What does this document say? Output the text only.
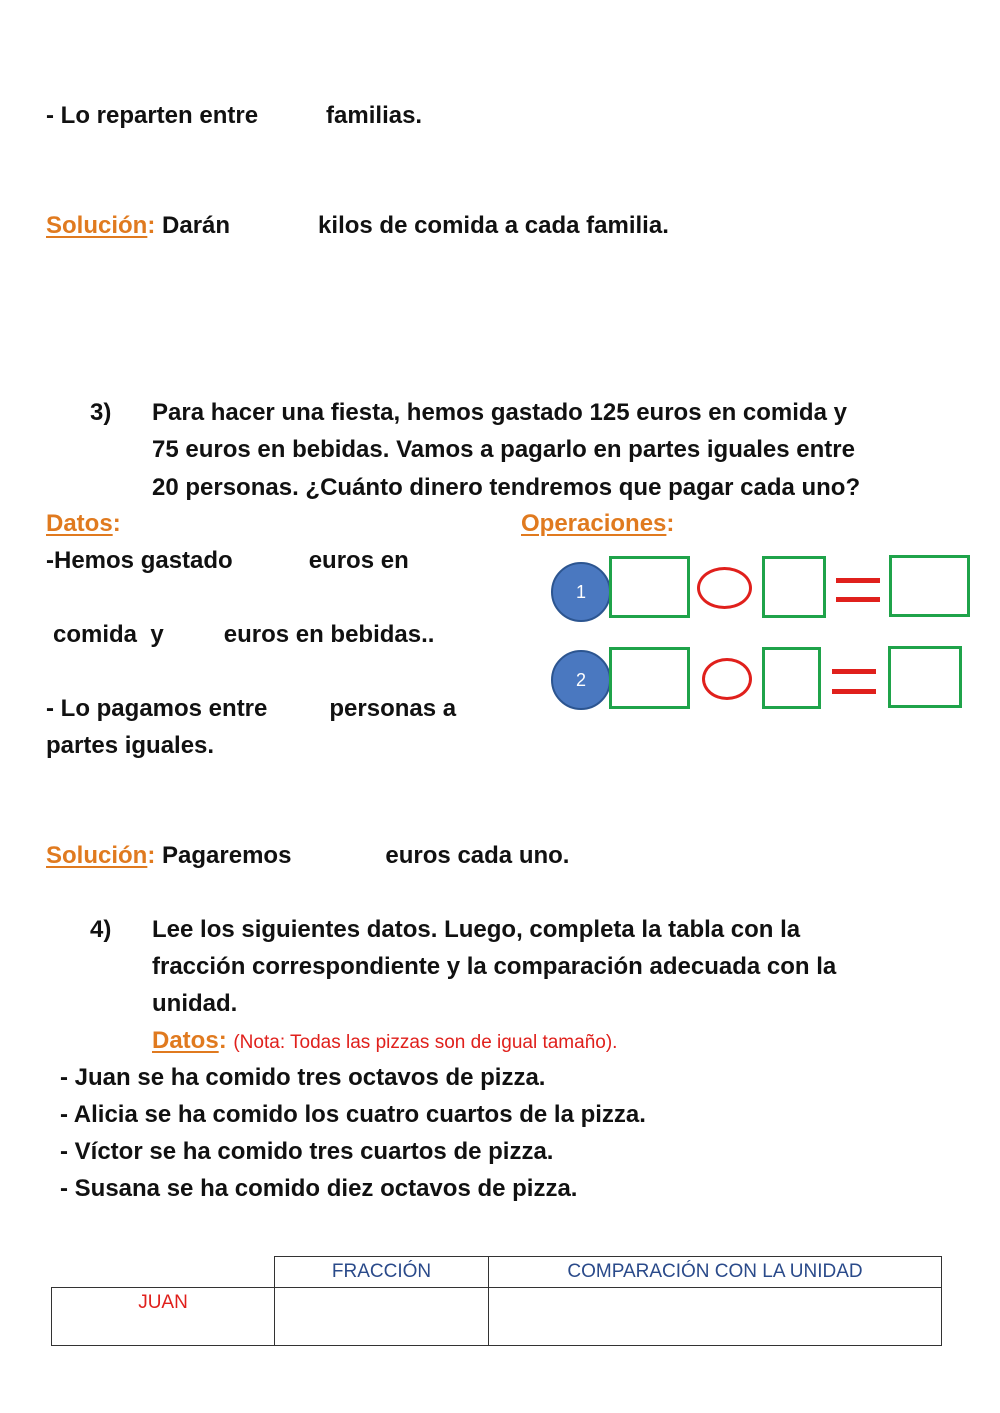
- Lo reparten entre	familias.
Solución: Darán	kilos de comida a cada familia.
3) Para hacer una fiesta, hemos gastado 125 euros en comida y
75 euros en bebidas. Vamos a pagarlo en partes iguales entre
20 personas. ¿Cuánto dinero tendremos que pagar cada uno?
Datos:	Operaciones:
-Hemos gastado	euros en
comida  y	euros en bebidas..
- Lo pagamos entre	personas a
partes iguales.
1
2
Solución: Pagaremos	euros cada uno.
4) Lee los siguientes datos. Luego, completa la tabla con la
fracción correspondiente y la comparación adecuada con la
unidad.
Datos: (Nota: Todas las pizzas son de igual tamaño).
- Juan se ha comido tres octavos de pizza.
- Alicia se ha comido los cuatro cuartos de la pizza.
- Víctor se ha comido tres cuartos de pizza.
- Susana se ha comido diez octavos de pizza.
	FRACCIÓN	COMPARACIÓN CON LA UNIDAD
JUAN		
